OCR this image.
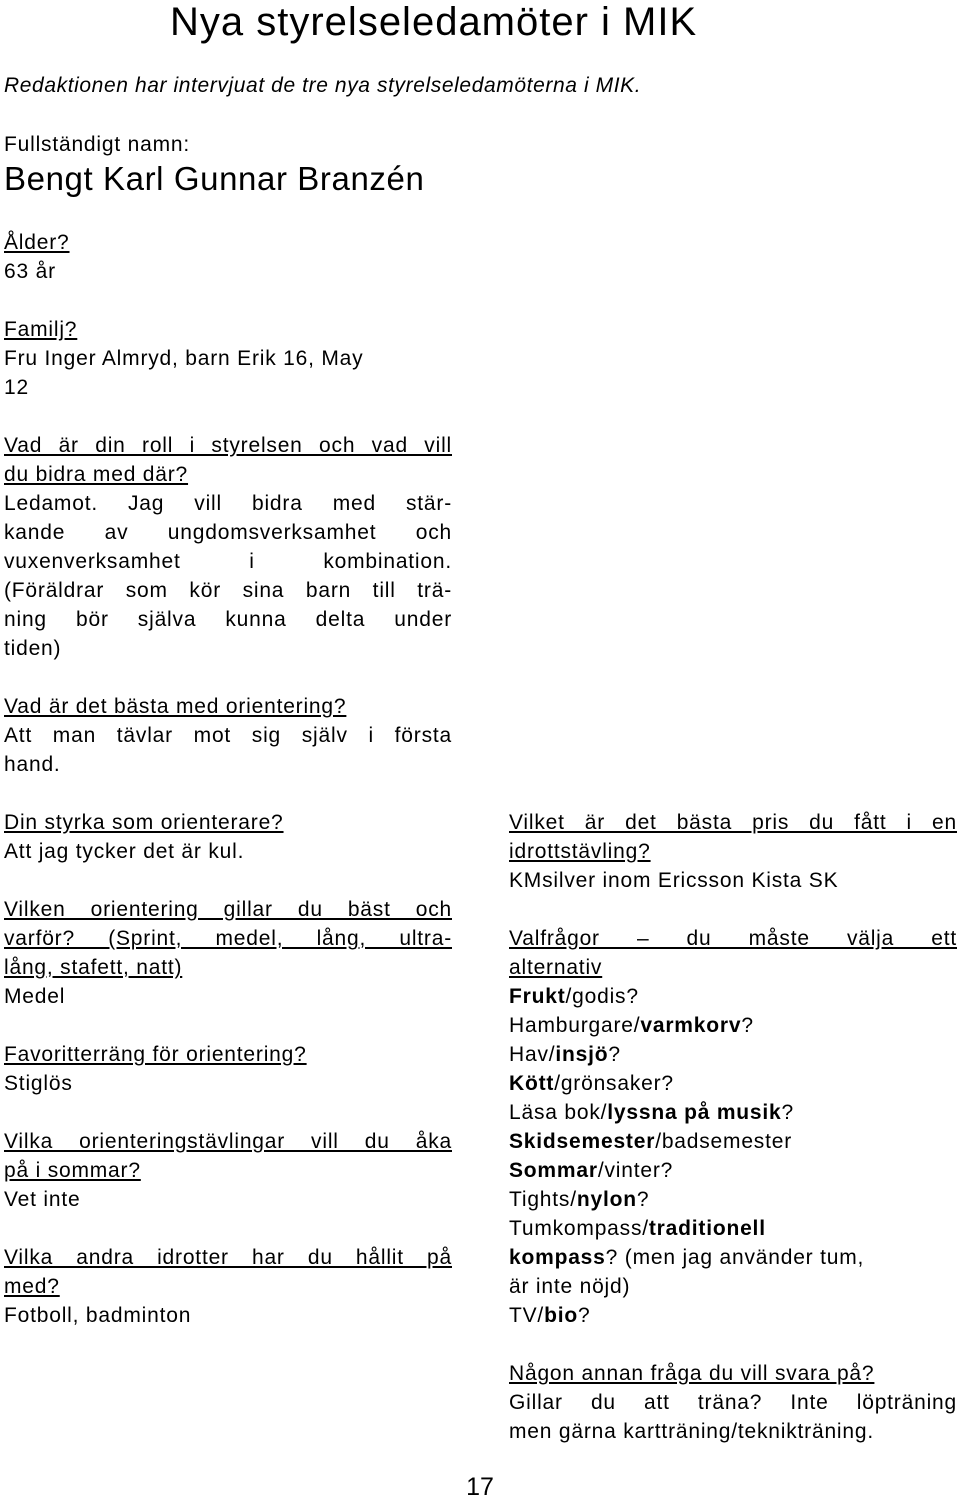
Nya styrelseledamöter i MIK
Redaktionen har intervjuat de tre nya styrelseledamöterna i MIK.

Fullständigt namn:

Bengt Karl Gunnar Branzén

Ålder?

63 år

Familj?

Fru Inger Almryd, barn Erik 16, May

12

Vad är din roll i styrelsen och vad vill

du bidra med där?

Ledamot. Jag vill bidra med stär-

kande av ungdomsverksamhet och

vuxenverksamhet i kombination.

(Föräldrar som kör sina barn till trä-

ning bör själva kunna delta under

tiden)

Vad är det bästa med orientering?

Att man tävlar mot sig själv i första

hand.

Din styrka som orienterare?

Att jag tycker det är kul.

Vilken orientering gillar du bäst och

varför? (Sprint, medel, lång, ultra-

lång, stafett, natt)

Medel

Favoritterräng för orientering?

Stiglös

Vilka orienteringstävlingar vill du åka

på i sommar?

Vet inte

Vilka andra idrotter har du hållit på

med?

Fotboll, badminton

Vilket är det bästa pris du fått i en

idrottstävling?

KMsilver inom Ericsson Kista SK

Valfrågor – du måste välja ett

alternativ

Frukt/godis?

Hamburgare/varmkorv?

Hav/insjö?

Kött/grönsaker?

Läsa bok/lyssna på musik?

Skidsemester/badsemester

Sommar/vinter?

Tights/nylon?

Tumkompass/traditionell

kompass? (men jag använder tum,

är inte nöjd)

TV/bio?

Någon annan fråga du vill svara på?

Gillar du att träna? Inte löpträning

men gärna kartträning/teknikträning.

17
